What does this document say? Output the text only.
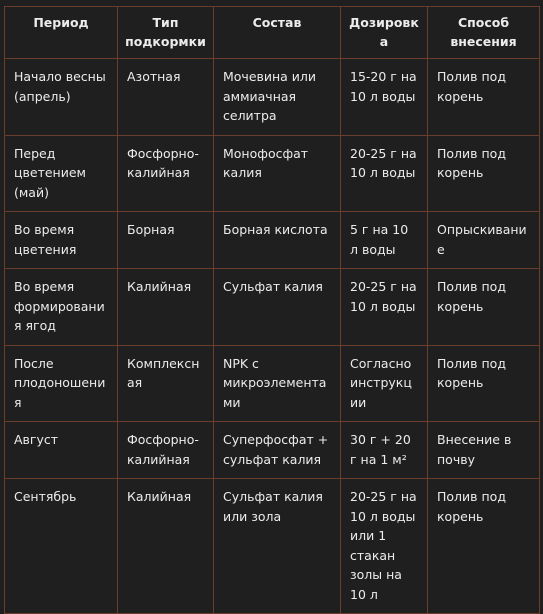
Период	Тип подкормки	Состав	Дозировка	Способ внесения
Начало весны (апрель)	Азотная	Мочевина или аммиачная селитра	15-20 г на 10 л воды	Полив под корень
Перед цветением (май)	Фосфорно-калийная	Монофосфат калия	20-25 г на 10 л воды	Полив под корень
Во время цветения	Борная	Борная кислота	5 г на 10 л воды	Опрыскивание
Во время формирования ягод	Калийная	Сульфат калия	20-25 г на 10 л воды	Полив под корень
После плодоношения	Комплексная	NPK с микроэлементами	Согласно инструкции	Полив под корень
Август	Фосфорно-калийная	Суперфосфат + сульфат калия	30 г + 20 г на 1 м²	Внесение в почву
Сентябрь	Калийная	Сульфат калия или зола	20-25 г на 10 л воды или 1 стакан золы на 10 л	Полив под корень
